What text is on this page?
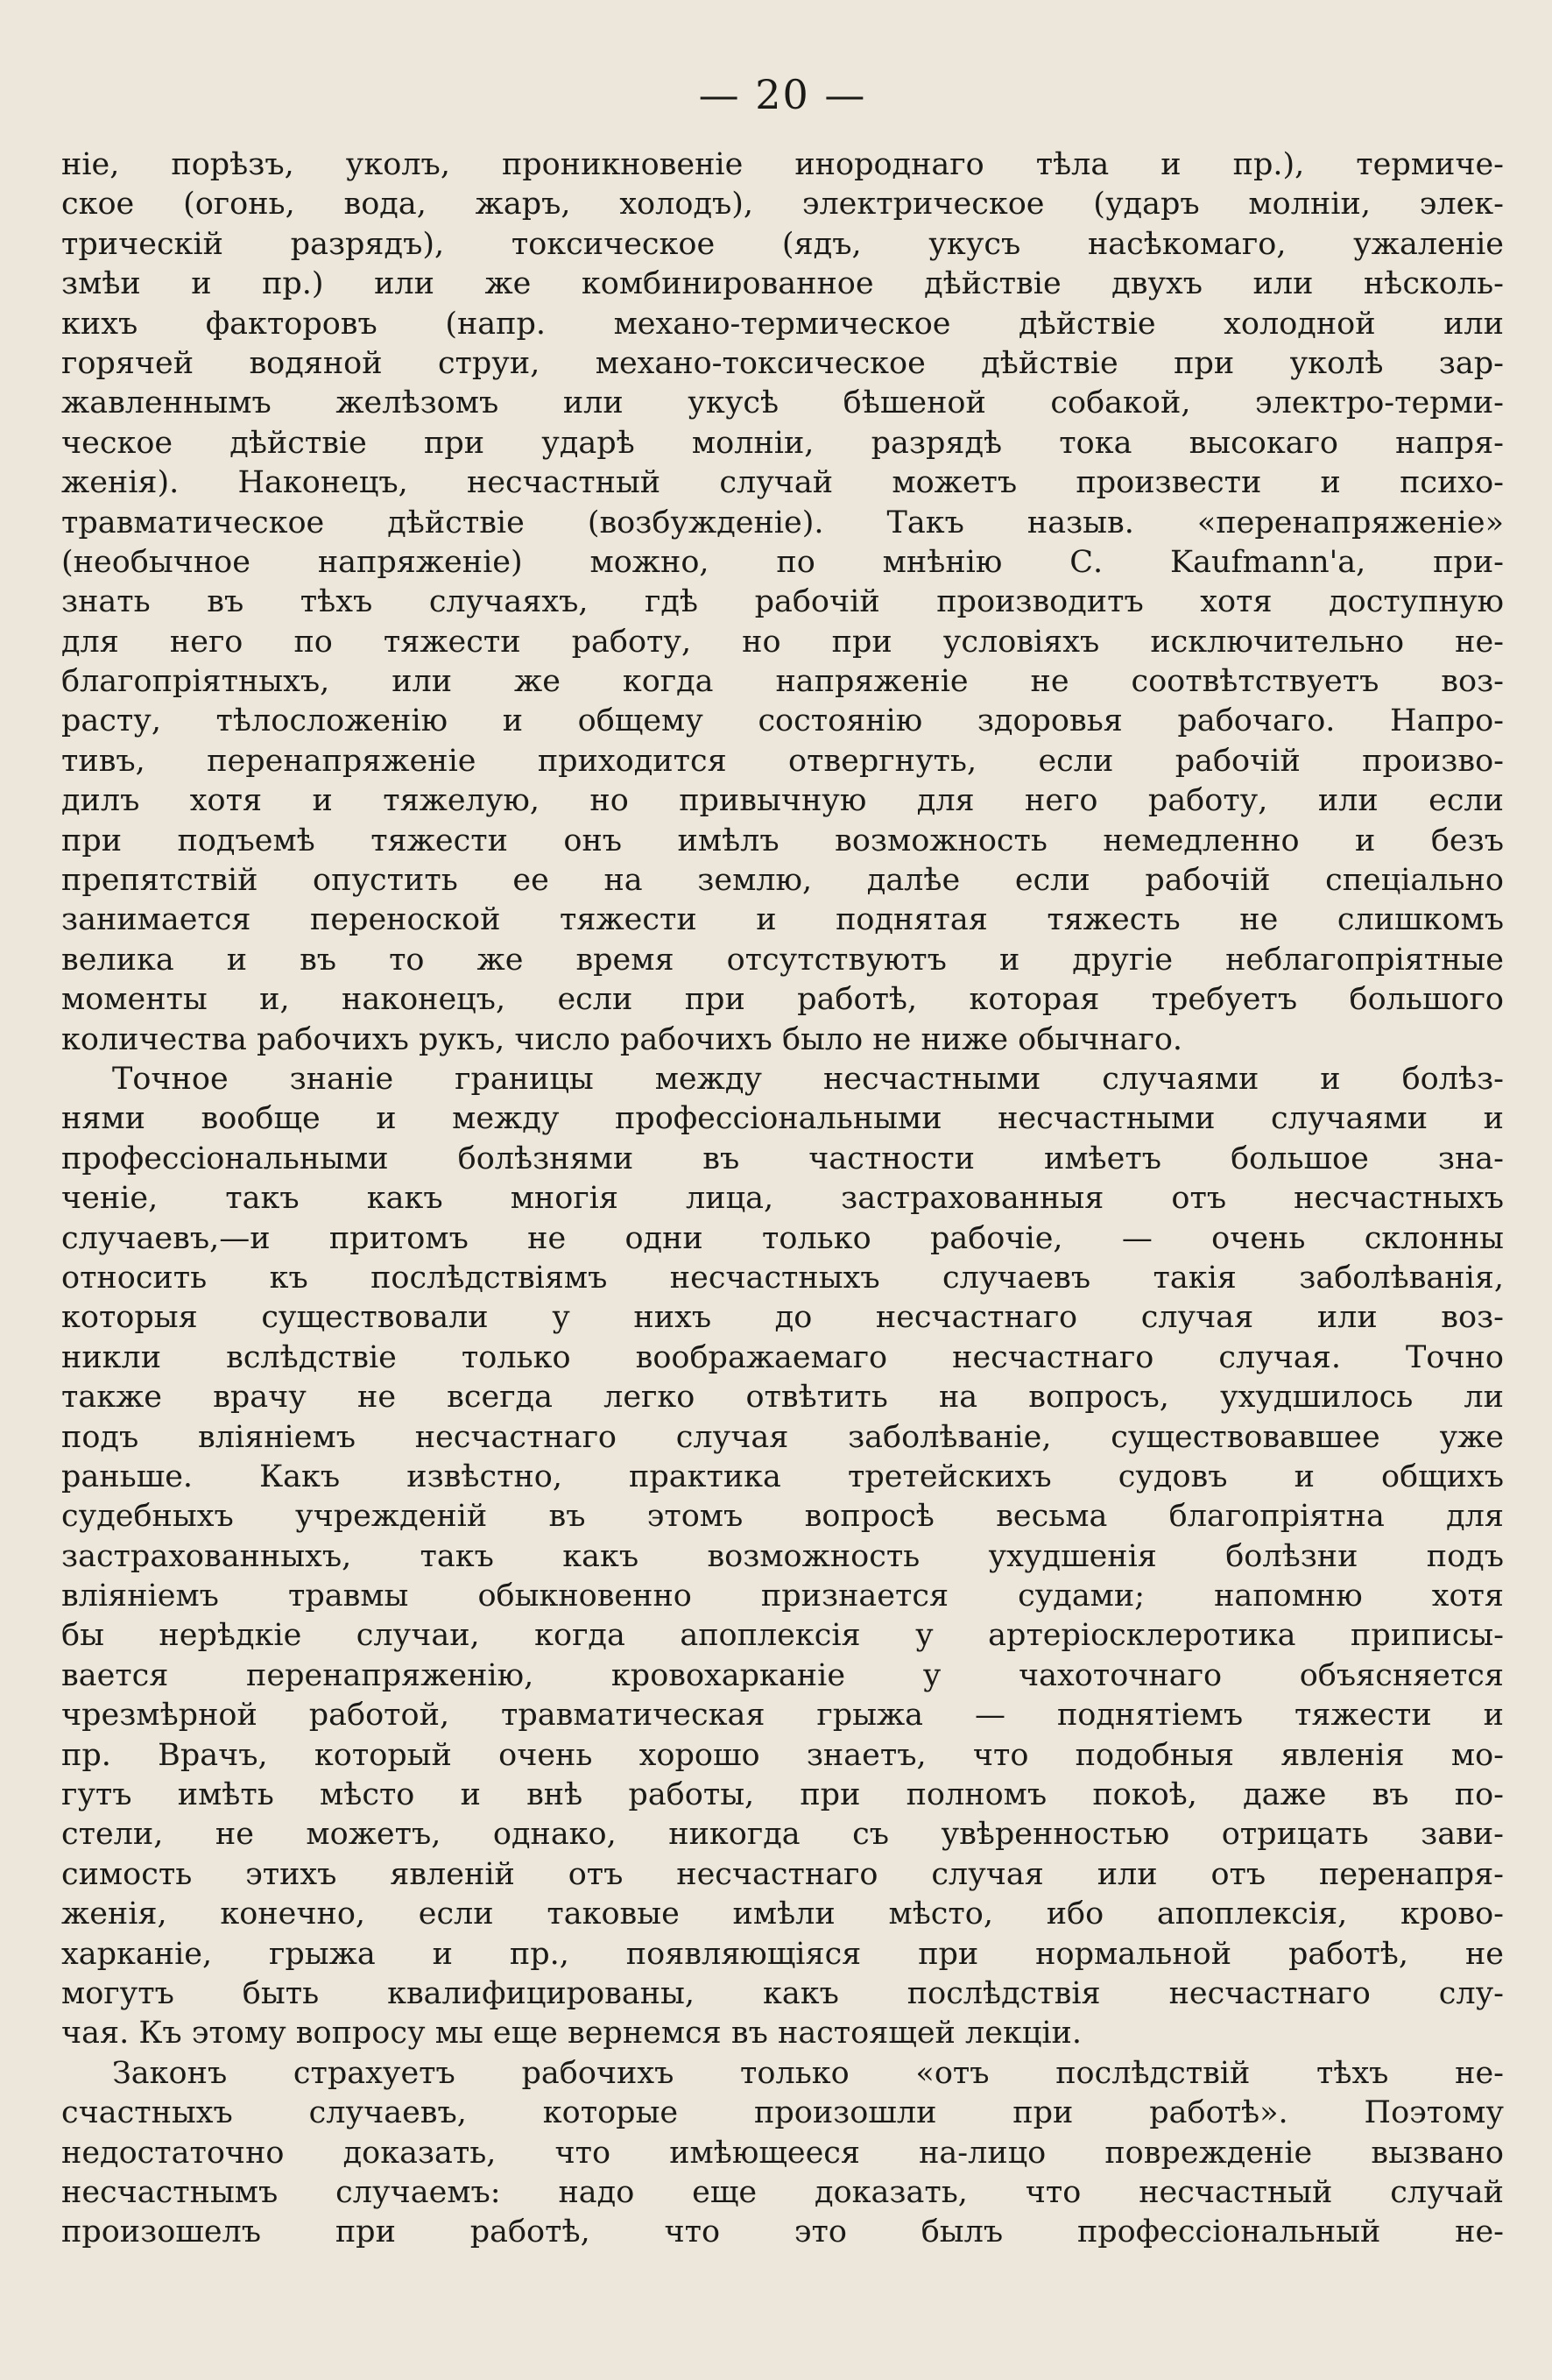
— 20 —
ніе, порѣзъ, уколъ, проникновеніе инороднаго тѣла и пр.), термиче-
ское (огонь, вода, жаръ, холодъ), электрическое (ударъ молніи, элек-
трическій разрядъ), токсическое (ядъ, укусъ насѣкомаго, ужаленіе
змѣи и пр.) или же комбинированное дѣйствіе двухъ или нѣсколь-
кихъ факторовъ (напр. механо-термическое дѣйствіе холодной или
горячей водяной струи, механо-токсическое дѣйствіе при уколѣ зар-
жавленнымъ желѣзомъ или укусѣ бѣшеной собакой, электро-терми-
ческое дѣйствіе при ударѣ молніи, разрядѣ тока высокаго напря-
женія). Наконецъ, несчастный случай можетъ произвести и психо-
травматическое дѣйствіе (возбужденіе). Такъ назыв. «перенапряженіе»
(необычное напряженіе) можно, по мнѣнію С. Kaufmann'a, при-
знать въ тѣхъ случаяхъ, гдѣ рабочій производитъ хотя доступную
для него по тяжести работу, но при условіяхъ исключительно не-
благопріятныхъ, или же когда напряженіе не соотвѣтствуетъ воз-
расту, тѣлосложенію и общему состоянію здоровья рабочаго. Напро-
тивъ, перенапряженіе приходится отвергнуть, если рабочій произво-
дилъ хотя и тяжелую, но привычную для него работу, или если
при подъемѣ тяжести онъ имѣлъ возможность немедленно и безъ
препятствій опустить ее на землю, далѣе если рабочій спеціально
занимается переноской тяжести и поднятая тяжесть не слишкомъ
велика и въ то же время отсутствуютъ и другіе неблагопріятные
моменты и, наконецъ, если при работѣ, которая требуетъ большого
количества рабочихъ рукъ, число рабочихъ было не ниже обычнаго.
Точное знаніе границы между несчастными случаями и болѣз-
нями вообще и между профессіональными несчастными случаями и
профессіональными болѣзнями въ частности имѣетъ большое зна-
ченіе, такъ какъ многія лица, застрахованныя отъ несчастныхъ
случаевъ,—и притомъ не одни только рабочіе, — очень склонны
относить къ послѣдствіямъ несчастныхъ случаевъ такія заболѣванія,
которыя существовали у нихъ до несчастнаго случая или воз-
никли вслѣдствіе только воображаемаго несчастнаго случая. Точно
также врачу не всегда легко отвѣтить на вопросъ, ухудшилось ли
подъ вліяніемъ несчастнаго случая заболѣваніе, существовавшее уже
раньше. Какъ извѣстно, практика третейскихъ судовъ и общихъ
судебныхъ учрежденій въ этомъ вопросѣ весьма благопріятна для
застрахованныхъ, такъ какъ возможность ухудшенія болѣзни подъ
вліяніемъ травмы обыкновенно признается судами; напомню хотя
бы нерѣдкіе случаи, когда апоплексія у артеріосклеротика приписы-
вается перенапряженію, кровохарканіе у чахоточнаго объясняется
чрезмѣрной работой, травматическая грыжа — поднятіемъ тяжести и
пр. Врачъ, который очень хорошо знаетъ, что подобныя явленія мо-
гутъ имѣть мѣсто и внѣ работы, при полномъ покоѣ, даже въ по-
стели, не можетъ, однако, никогда съ увѣренностью отрицать зави-
симость этихъ явленій отъ несчастнаго случая или отъ перенапря-
женія, конечно, если таковые имѣли мѣсто, ибо апоплексія, крово-
харканіе, грыжа и пр., появляющіяся при нормальной работѣ, не
могутъ быть квалифицированы, какъ послѣдствія несчастнаго слу-
чая. Къ этому вопросу мы еще вернемся въ настоящей лекціи.
Законъ страхуетъ рабочихъ только «отъ послѣдствій тѣхъ не-
счастныхъ случаевъ, которые произошли при работѣ». Поэтому
недостаточно доказать, что имѣющееся на-лицо поврежденіе вызвано
несчастнымъ случаемъ: надо еще доказать, что несчастный случай
произошелъ при работѣ, что это былъ профессіональный не-
